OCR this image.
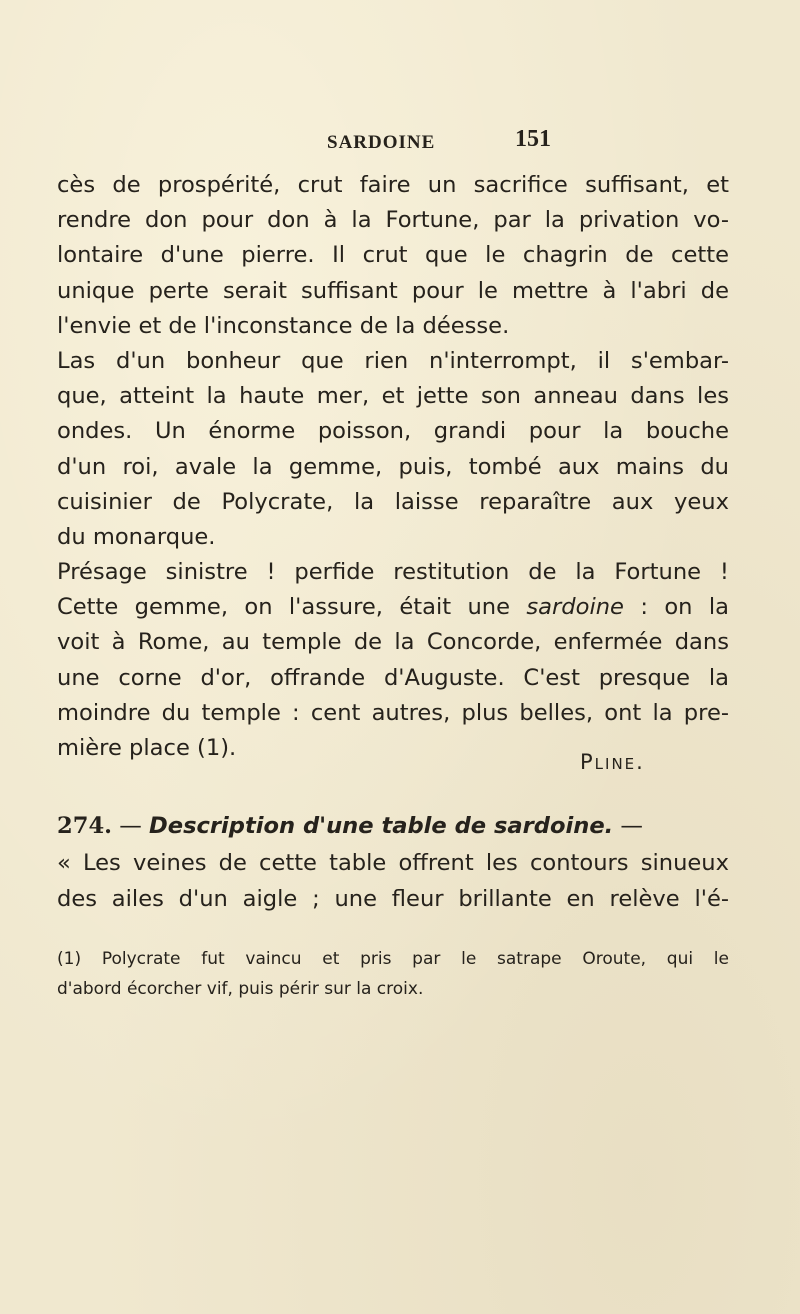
SARDOINE	151
cès de prospérité, crut faire un sacrifice suffisant, et
rendre don pour don à la Fortune, par la privation vo-
lontaire d'une pierre. Il crut que le chagrin de cette
unique perte serait suffisant pour le mettre à l'abri de
l'envie et de l'inconstance de la déesse.
Las d'un bonheur que rien n'interrompt, il s'embar-
que, atteint la haute mer, et jette son anneau dans les
ondes. Un énorme poisson, grandi pour la bouche
d'un roi, avale la gemme, puis, tombé aux mains du
cuisinier de Polycrate, la laisse reparaître aux yeux
du monarque.
Présage sinistre ! perfide restitution de la Fortune !
Cette gemme, on l'assure, était une sardoine : on la
voit à Rome, au temple de la Concorde, enfermée dans
une corne d'or, offrande d'Auguste. C'est presque la
moindre du temple : cent autres, plus belles, ont la pre-
mière place (1).
Pline.
274. — Description d'une table de sardoine. —
« Les veines de cette table offrent les contours sinueux
des ailes d'un aigle ; une fleur brillante en relève l'é-
(1) Polycrate fut vaincu et pris par le satrape Oroute, qui le
d'abord écorcher vif, puis périr sur la croix.
